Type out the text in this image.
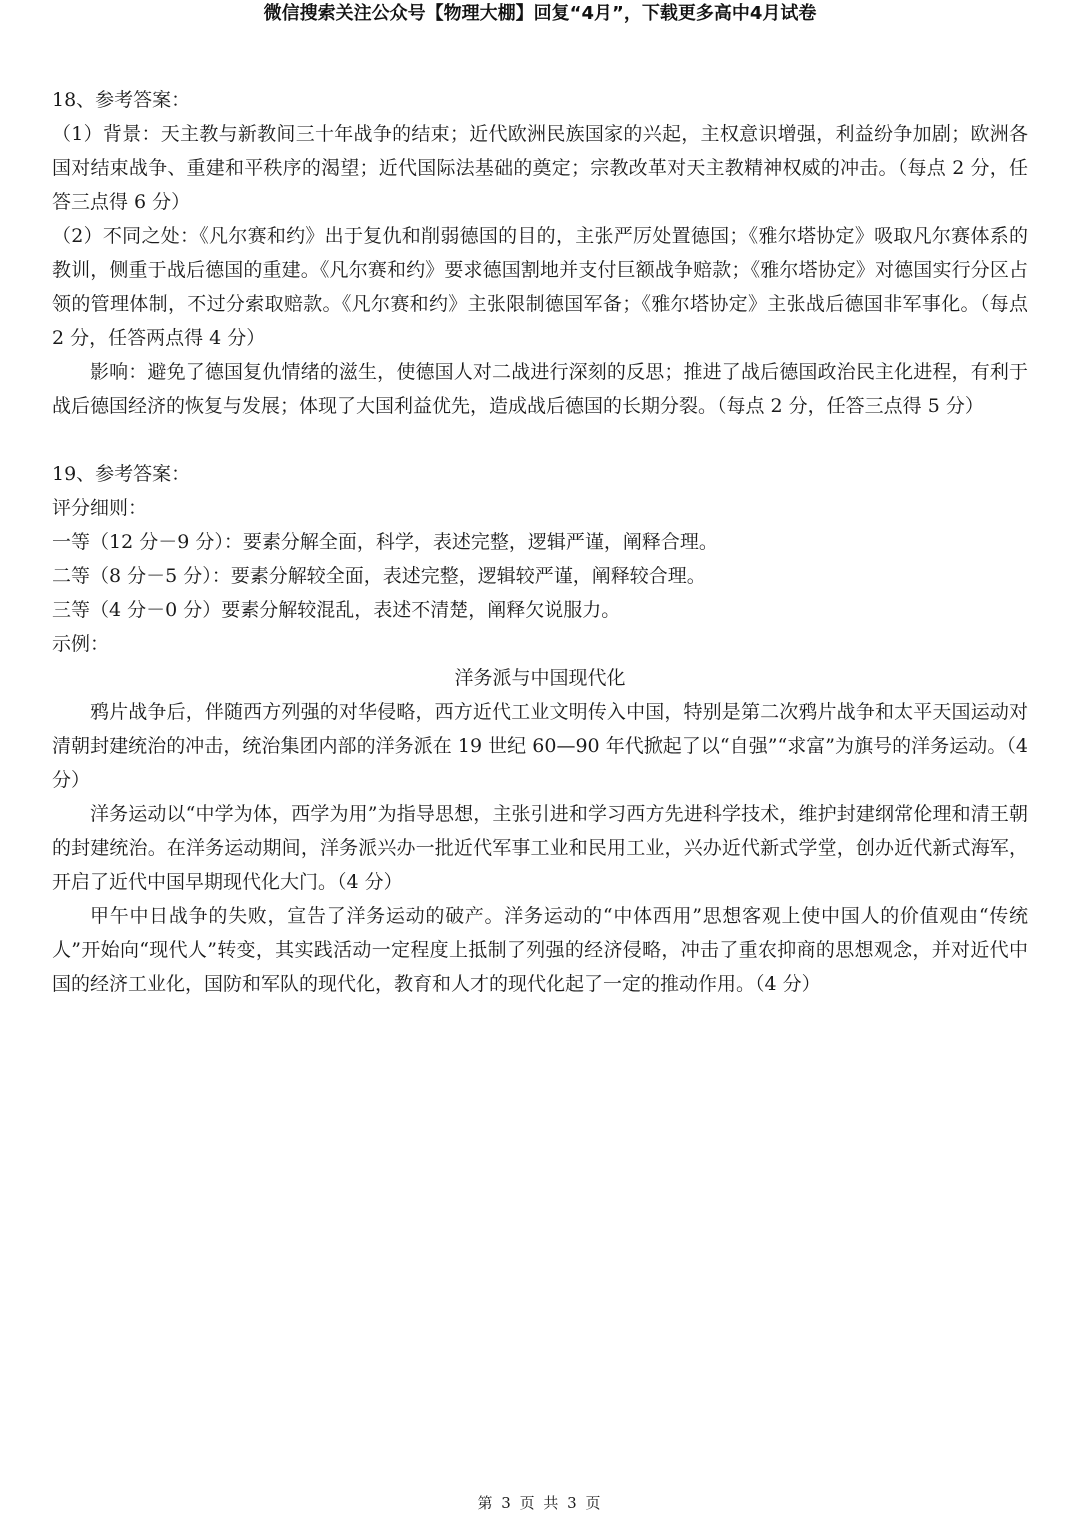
微信搜索关注公众号【物理大棚】回复“4月”，下载更多高中4月试卷

18、参考答案：

（1）背景：天主教与新教间三十年战争的结束；近代欧洲民族国家的兴起，主权意识增强，利益纷争加剧；欧洲各国对结束战争、重建和平秩序的渴望；近代国际法基础的奠定；宗教改革对天主教精神权威的冲击。（每点 2 分，任答三点得 6 分）

（2）不同之处：《凡尔赛和约》出于复仇和削弱德国的目的，主张严厉处置德国；《雅尔塔协定》吸取凡尔赛体系的教训，侧重于战后德国的重建。《凡尔赛和约》要求德国割地并支付巨额战争赔款；《雅尔塔协定》对德国实行分区占领的管理体制，不过分索取赔款。《凡尔赛和约》主张限制德国军备；《雅尔塔协定》主张战后德国非军事化。（每点 2 分，任答两点得 4 分）

影响：避免了德国复仇情绪的滋生，使德国人对二战进行深刻的反思；推进了战后德国政治民主化进程，有利于战后德国经济的恢复与发展；体现了大国利益优先，造成战后德国的长期分裂。（每点 2 分，任答三点得 5 分）

19、参考答案：

评分细则：

一等（12 分－9 分）：要素分解全面，科学，表述完整，逻辑严谨，阐释合理。

二等（8 分－5 分）：要素分解较全面，表述完整，逻辑较严谨，阐释较合理。

三等（4 分－0 分）要素分解较混乱，表述不清楚，阐释欠说服力。

示例：

洋务派与中国现代化

鸦片战争后，伴随西方列强的对华侵略，西方近代工业文明传入中国，特别是第二次鸦片战争和太平天国运动对清朝封建统治的冲击，统治集团内部的洋务派在 19 世纪 60—90 年代掀起了以“自强”“求富”为旗号的洋务运动。（4 分）

洋务运动以“中学为体，西学为用”为指导思想，主张引进和学习西方先进科学技术，维护封建纲常伦理和清王朝的封建统治。在洋务运动期间，洋务派兴办一批近代军事工业和民用工业，兴办近代新式学堂，创办近代新式海军，开启了近代中国早期现代化大门。（4 分）

甲午中日战争的失败，宣告了洋务运动的破产。洋务运动的“中体西用”思想客观上使中国人的价值观由“传统人”开始向“现代人”转变，其实践活动一定程度上抵制了列强的经济侵略，冲击了重农抑商的思想观念，并对近代中国的经济工业化，国防和军队的现代化，教育和人才的现代化起了一定的推动作用。（4 分）

第 3 页 共 3 页
